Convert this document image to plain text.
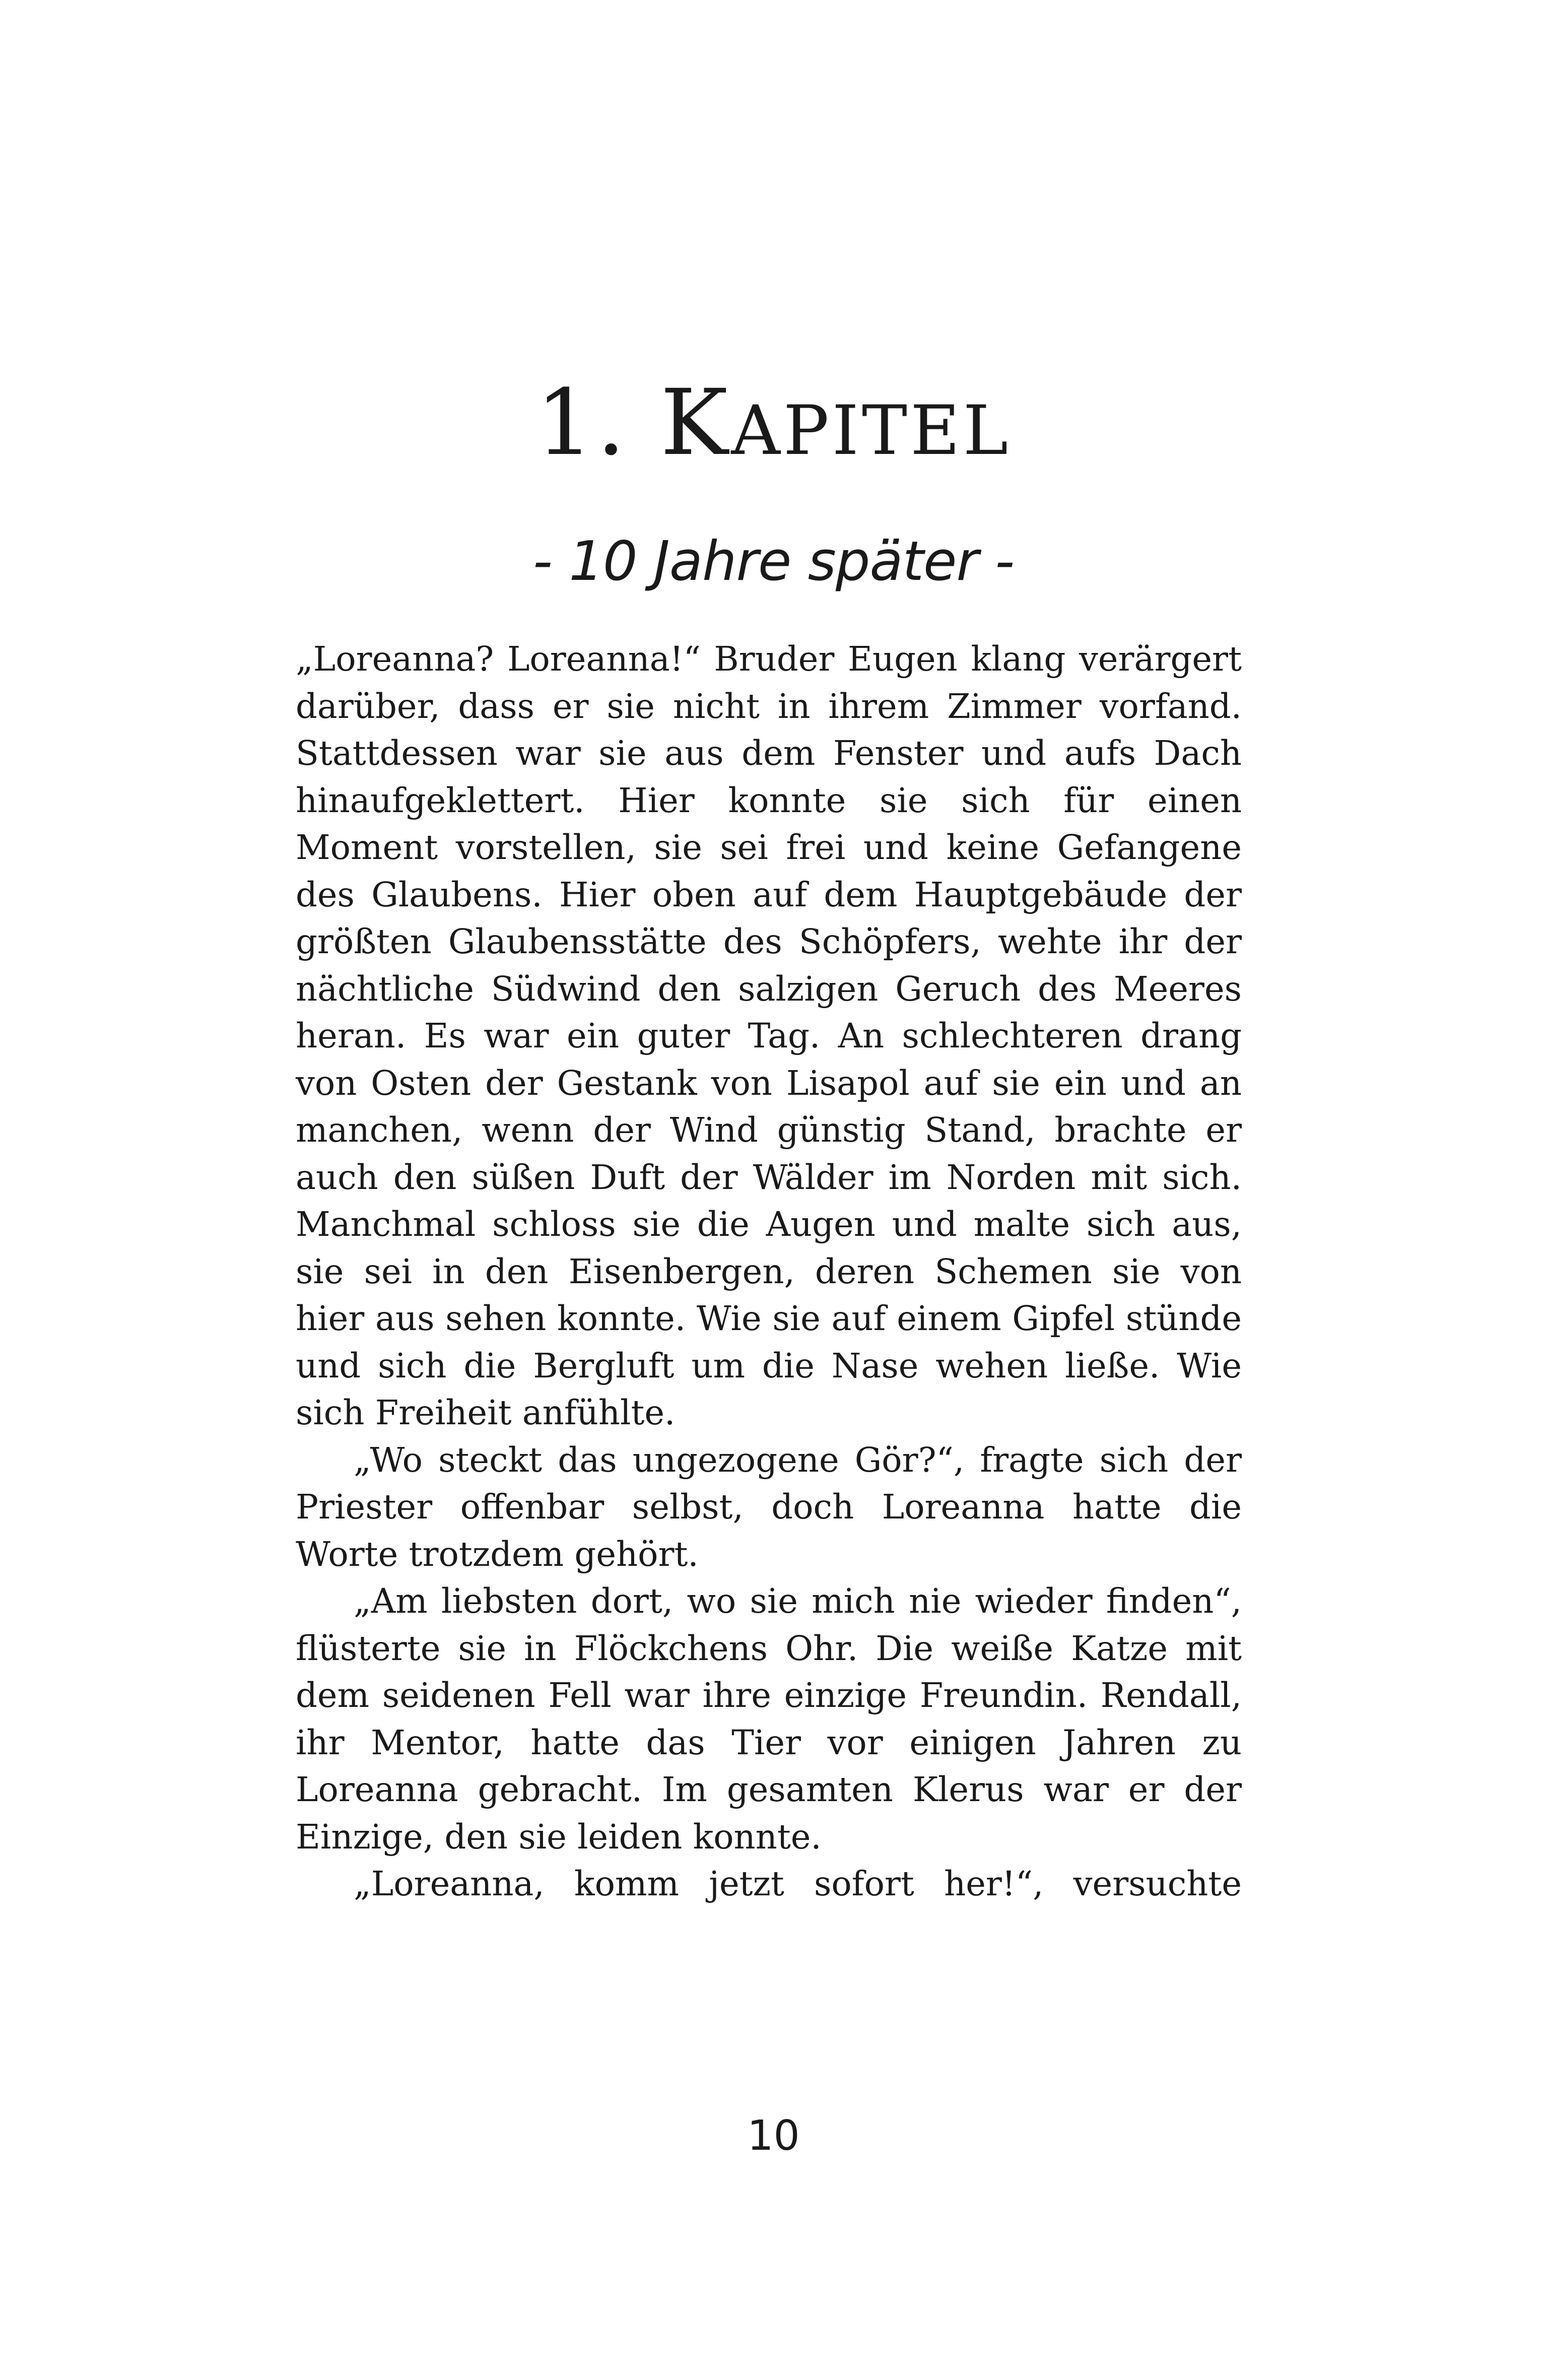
1. KAPITEL
- 10 Jahre später -

„Loreanna? Loreanna!“ Bruder Eugen klang verärgert darüber, dass er sie nicht in ihrem Zimmer vorfand. Stattdessen war sie aus dem Fenster und aufs Dach hinaufgeklettert. Hier konnte sie sich für einen Moment vorstellen, sie sei frei und keine Gefangene des Glaubens. Hier oben auf dem Hauptgebäude der größten Glaubensstätte des Schöpfers, wehte ihr der nächtliche Südwind den salzigen Geruch des Meeres heran. Es war ein guter Tag. An schlechteren drang von Osten der Gestank von Lisapol auf sie ein und an manchen, wenn der Wind günstig Stand, brachte er auch den süßen Duft der Wälder im Norden mit sich. Manchmal schloss sie die Augen und malte sich aus, sie sei in den Eisenbergen, deren Schemen sie von hier aus sehen konnte. Wie sie auf einem Gipfel stünde und sich die Bergluft um die Nase wehen ließe. Wie sich Freiheit anfühlte.

„Wo steckt das ungezogene Gör?“, fragte sich der Priester offenbar selbst, doch Loreanna hatte die Worte trotzdem gehört.

„Am liebsten dort, wo sie mich nie wieder finden“, flüsterte sie in Flöckchens Ohr. Die weiße Katze mit dem seidenen Fell war ihre einzige Freundin. Rendall, ihr Mentor, hatte das Tier vor einigen Jahren zu Loreanna gebracht. Im gesamten Klerus war er der Einzige, den sie leiden konnte.

„Loreanna, komm jetzt sofort her!“, versuchte

10
